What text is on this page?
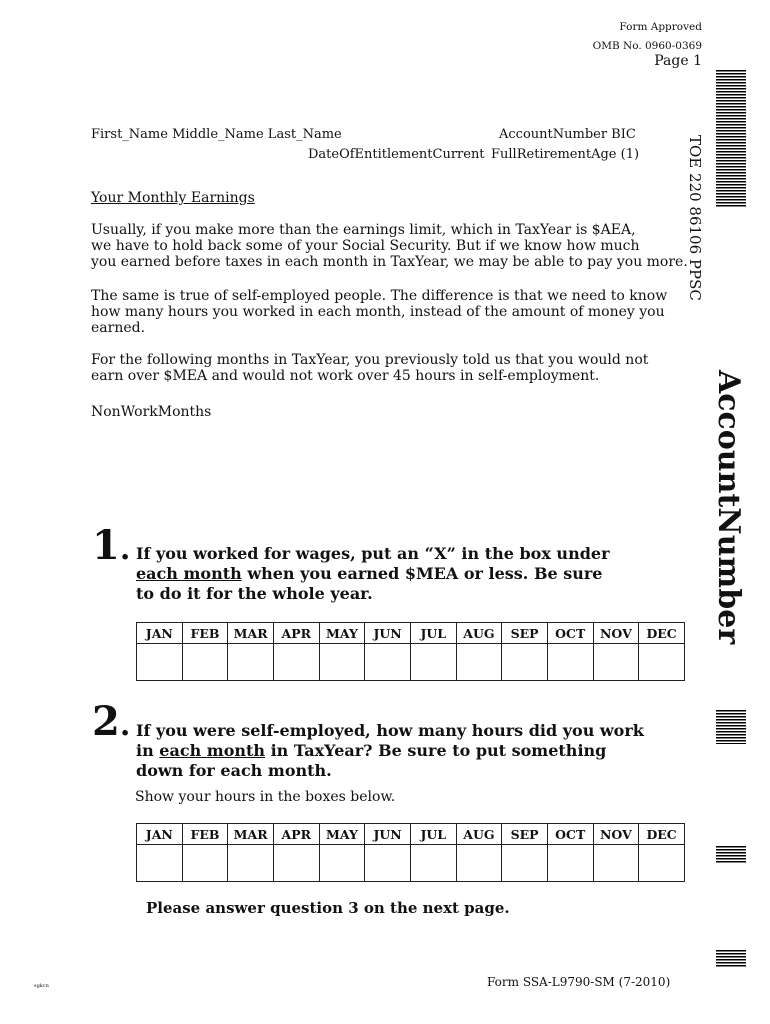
Form Approved
OMB No. 0960-0369
Page 1
First_Name Middle_Name Last_Name	AccountNumber BIC
DateOfEntitlementCurrent FullRetirementAge (1)
Your Monthly Earnings
Usually, if you make more than the earnings limit, which in TaxYear is $AEA,
we have to hold back some of your Social Security. But if we know how much
you earned before taxes in each month in TaxYear, we may be able to pay you more.
The same is true of self-employed people. The difference is that we need to know
how many hours you worked in each month, instead of the amount of money you
earned.
For the following months in TaxYear, you previously told us that you would not
earn over $MEA and would not work over 45 hours in self-employment.
NonWorkMonths
1. If you worked for wages, put an “X” in the box under
each month when you earned $MEA or less. Be sure
to do it for the whole year.
JAN	FEB	MAR	APR	MAY	JUN	JUL	AUG	SEP	OCT	NOV	DEC

2. If you were self-employed, how many hours did you work
in each month in TaxYear? Be sure to put something
down for each month.
Show your hours in the boxes below.
JAN	FEB	MAR	APR	MAY	JUN	JUL	AUG	SEP	OCT	NOV	DEC

Please answer question 3 on the next page.
sgkcn	Form SSA-L9790-SM (7-2010)
TOE 220 86106 PPSC
AccountNumber
